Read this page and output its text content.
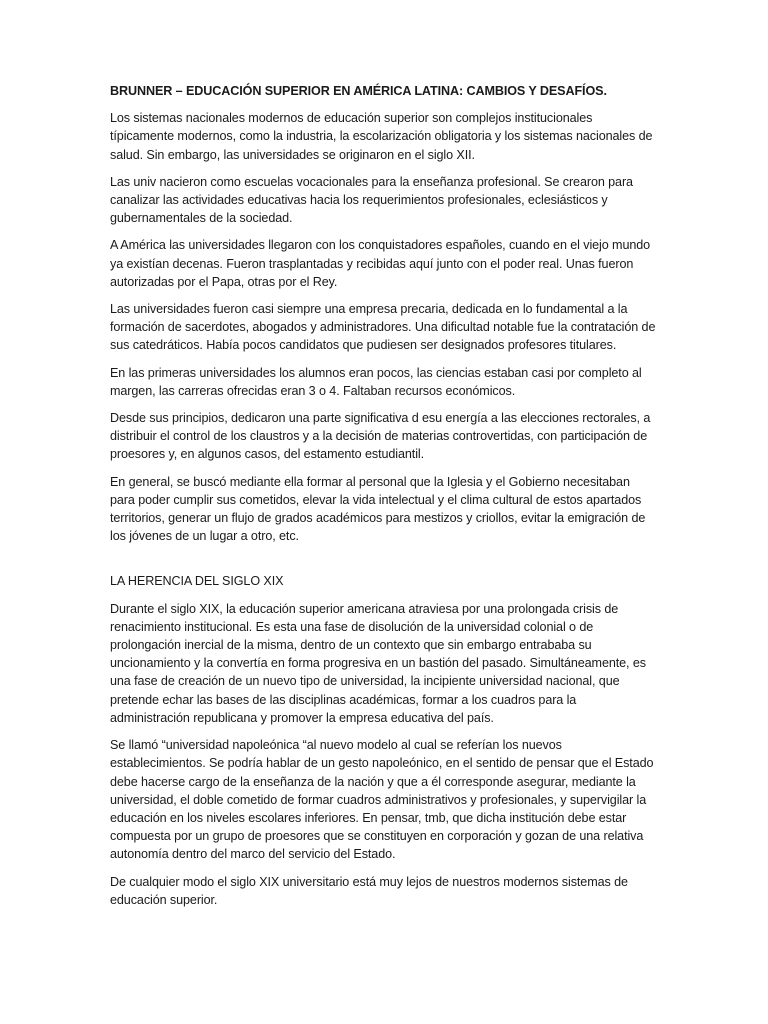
BRUNNER – EDUCACIÓN SUPERIOR EN AMÉRICA LATINA: CAMBIOS Y DESAFÍOS.

Los sistemas nacionales modernos de educación superior son complejos institucionales típicamente modernos, como la industria, la escolarización obligatoria y los sistemas nacionales de salud. Sin embargo, las universidades se originaron en el siglo XII.

Las univ nacieron como escuelas vocacionales para la enseñanza profesional. Se crearon para canalizar las actividades educativas hacia los requerimientos profesionales, eclesiásticos y gubernamentales de la sociedad.

A América las universidades llegaron con los conquistadores españoles, cuando en el viejo mundo ya existían decenas. Fueron trasplantadas y recibidas aquí junto con el poder real. Unas fueron autorizadas por el Papa, otras por el Rey.

Las universidades fueron casi siempre una empresa precaria, dedicada en lo fundamental a la formación de sacerdotes, abogados y administradores. Una dificultad notable fue la contratación de sus catedráticos. Había pocos candidatos que pudiesen ser designados profesores titulares.

En las primeras universidades los alumnos eran pocos, las ciencias estaban casi por completo al margen, las carreras ofrecidas eran 3 o 4. Faltaban recursos económicos.

Desde sus principios, dedicaron una parte significativa d esu energía a las elecciones rectorales, a distribuir el control de los claustros y a la decisión de materias controvertidas, con participación de proesores y, en algunos casos, del estamento estudiantil.

En general, se buscó mediante ella formar al personal que la Iglesia y el Gobierno necesitaban para poder cumplir sus cometidos, elevar la vida intelectual y el clima cultural de estos apartados territorios, generar un flujo de grados académicos para mestizos y criollos, evitar la emigración de los jóvenes de un lugar a otro, etc.

LA HERENCIA DEL SIGLO XIX

Durante el siglo XIX, la educación superior americana atraviesa por una prolongada crisis de renacimiento institucional. Es esta una fase de disolución de la universidad colonial o de prolongación inercial de la misma, dentro de un contexto que sin embargo entrababa su uncionamiento y la convertía en forma progresiva en un bastión del pasado. Simultáneamente, es una fase de creación de un nuevo tipo de universidad, la incipiente universidad nacional, que pretende echar las bases de las disciplinas académicas, formar a los cuadros para la administración republicana y promover la empresa educativa del país.

Se llamó “universidad napoleónica “al nuevo modelo al cual se referían los nuevos establecimientos. Se podría hablar de un gesto napoleónico, en el sentido de pensar que el Estado debe hacerse cargo de la enseñanza de la nación y que a él corresponde asegurar, mediante la universidad, el doble cometido de formar cuadros administrativos y profesionales, y supervigilar la educación en los niveles escolares inferiores. En pensar, tmb, que dicha institución debe estar compuesta por un grupo de proesores que se constituyen en corporación y gozan de una relativa autonomía dentro del marco del servicio del Estado.

De cualquier modo el siglo XIX universitario está muy lejos de nuestros modernos sistemas de educación superior.
